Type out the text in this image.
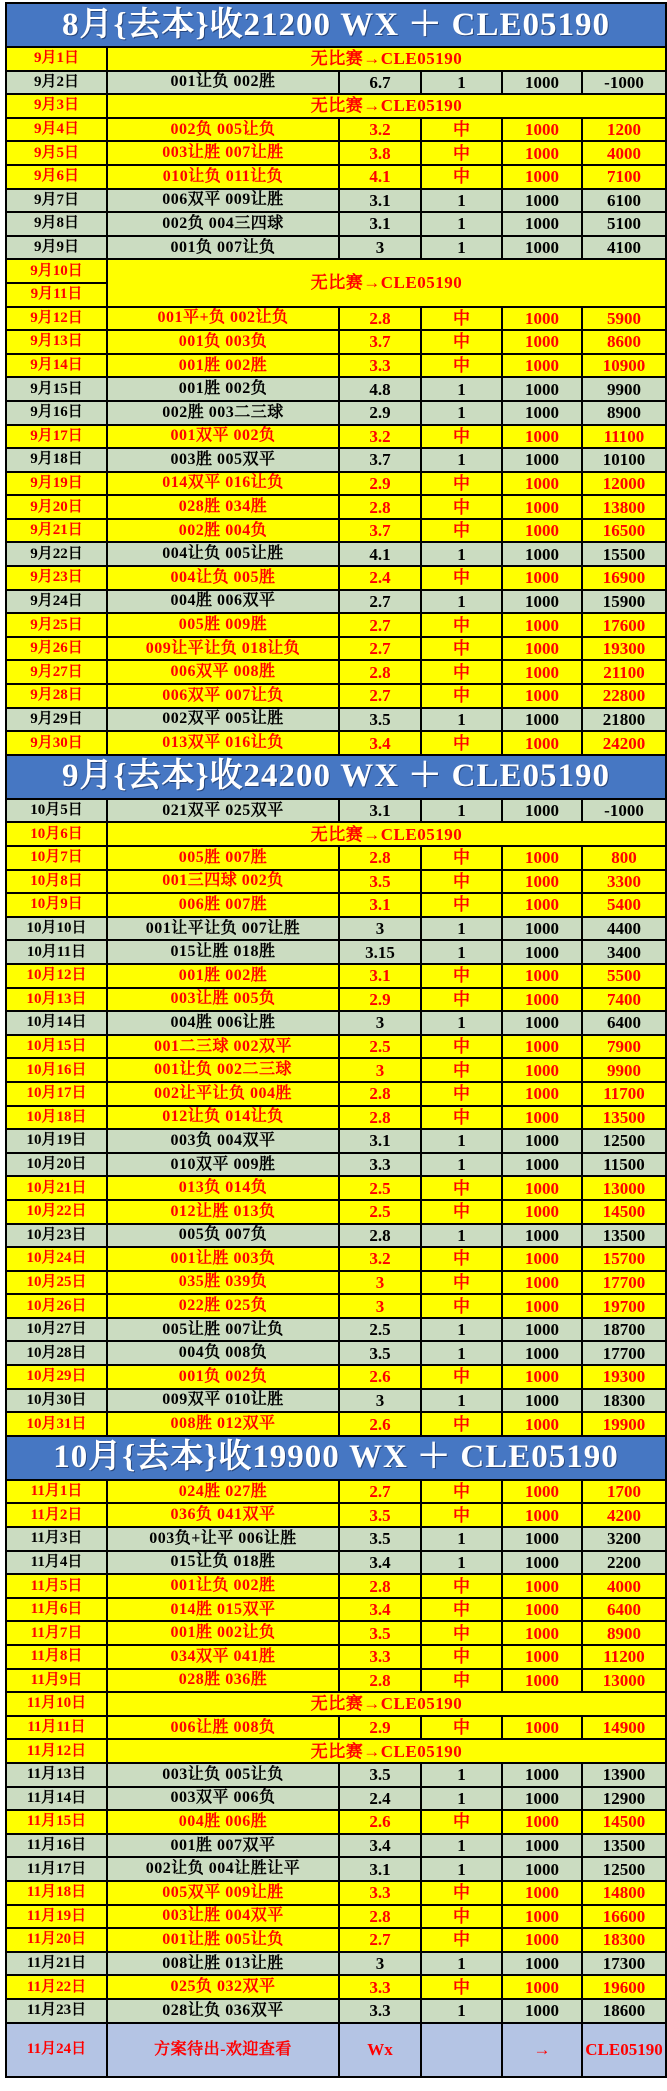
8月{去本}收21200 WX ＋ CLE05190					
9月1日	无比赛→CLE05190				
9月2日	001让负 002胜	6.7	1	1000	-1000
9月3日	无比赛→CLE05190				
9月4日	002负 005让负	3.2	中	1000	1200
9月5日	003让胜 007让胜	3.8	中	1000	4000
9月6日	010让负 011让负	4.1	中	1000	7100
9月7日	006双平 009让胜	3.1	1	1000	6100
9月8日	002负 004三四球	3.1	1	1000	5100
9月9日	001负 007让负	3	1	1000	4100
9月10日	无比赛→CLE05190				
9月11日					
9月12日	001平+负 002让负	2.8	中	1000	5900
9月13日	001负 003负	3.7	中	1000	8600
9月14日	001胜 002胜	3.3	中	1000	10900
9月15日	001胜 002负	4.8	1	1000	9900
9月16日	002胜 003二三球	2.9	1	1000	8900
9月17日	001双平 002负	3.2	中	1000	11100
9月18日	003胜 005双平	3.7	1	1000	10100
9月19日	014双平 016让负	2.9	中	1000	12000
9月20日	028胜 034胜	2.8	中	1000	13800
9月21日	002胜 004负	3.7	中	1000	16500
9月22日	004让负 005让胜	4.1	1	1000	15500
9月23日	004让负 005胜	2.4	中	1000	16900
9月24日	004胜 006双平	2.7	1	1000	15900
9月25日	005胜 009胜	2.7	中	1000	17600
9月26日	009让平让负 018让负	2.7	中	1000	19300
9月27日	006双平 008胜	2.8	中	1000	21100
9月28日	006双平 007让负	2.7	中	1000	22800
9月29日	002双平 005让胜	3.5	1	1000	21800
9月30日	013双平 016让负	3.4	中	1000	24200
9月{去本}收24200 WX ＋ CLE05190					
10月5日	021双平 025双平	3.1	1	1000	-1000
10月6日	无比赛→CLE05190				
10月7日	005胜 007胜	2.8	中	1000	800
10月8日	001三四球 002负	3.5	中	1000	3300
10月9日	006胜 007胜	3.1	中	1000	5400
10月10日	001让平让负 007让胜	3	1	1000	4400
10月11日	015让胜 018胜	3.15	1	1000	3400
10月12日	001胜 002胜	3.1	中	1000	5500
10月13日	003让胜 005负	2.9	中	1000	7400
10月14日	004胜 006让胜	3	1	1000	6400
10月15日	001二三球 002双平	2.5	中	1000	7900
10月16日	001让负 002二三球	3	中	1000	9900
10月17日	002让平让负 004胜	2.8	中	1000	11700
10月18日	012让负 014让负	2.8	中	1000	13500
10月19日	003负 004双平	3.1	1	1000	12500
10月20日	010双平 009胜	3.3	1	1000	11500
10月21日	013负 014负	2.5	中	1000	13000
10月22日	012让胜 013负	2.5	中	1000	14500
10月23日	005负 007负	2.8	1	1000	13500
10月24日	001让胜 003负	3.2	中	1000	15700
10月25日	035胜 039负	3	中	1000	17700
10月26日	022胜 025负	3	中	1000	19700
10月27日	005让胜 007让负	2.5	1	1000	18700
10月28日	004负 008负	3.5	1	1000	17700
10月29日	001负 002负	2.6	中	1000	19300
10月30日	009双平 010让胜	3	1	1000	18300
10月31日	008胜 012双平	2.6	中	1000	19900
10月{去本}收19900 WX ＋ CLE05190					
11月1日	024胜 027胜	2.7	中	1000	1700
11月2日	036负 041双平	3.5	中	1000	4200
11月3日	003负+让平 006让胜	3.5	1	1000	3200
11月4日	015让负 018胜	3.4	1	1000	2200
11月5日	001让负 002胜	2.8	中	1000	4000
11月6日	014胜 015双平	3.4	中	1000	6400
11月7日	001胜 002让负	3.5	中	1000	8900
11月8日	034双平 041胜	3.3	中	1000	11200
11月9日	028胜 036胜	2.8	中	1000	13000
11月10日	无比赛→CLE05190				
11月11日	006让胜 008负	2.9	中	1000	14900
11月12日	无比赛→CLE05190				
11月13日	003让负 005让负	3.5	1	1000	13900
11月14日	003双平 006负	2.4	1	1000	12900
11月15日	004胜 006胜	2.6	中	1000	14500
11月16日	001胜 007双平	3.4	1	1000	13500
11月17日	002让负 004让胜让平	3.1	1	1000	12500
11月18日	005双平 009让胜	3.3	中	1000	14800
11月19日	003让胜 004双平	2.8	中	1000	16600
11月20日	001让胜 005让负	2.7	中	1000	18300
11月21日	008让胜 013让胜	3	1	1000	17300
11月22日	025负 032双平	3.3	中	1000	19600
11月23日	028让负 036双平	3.3	1	1000	18600
11月24日	方案待出-欢迎查看	Wx		→	CLE05190
